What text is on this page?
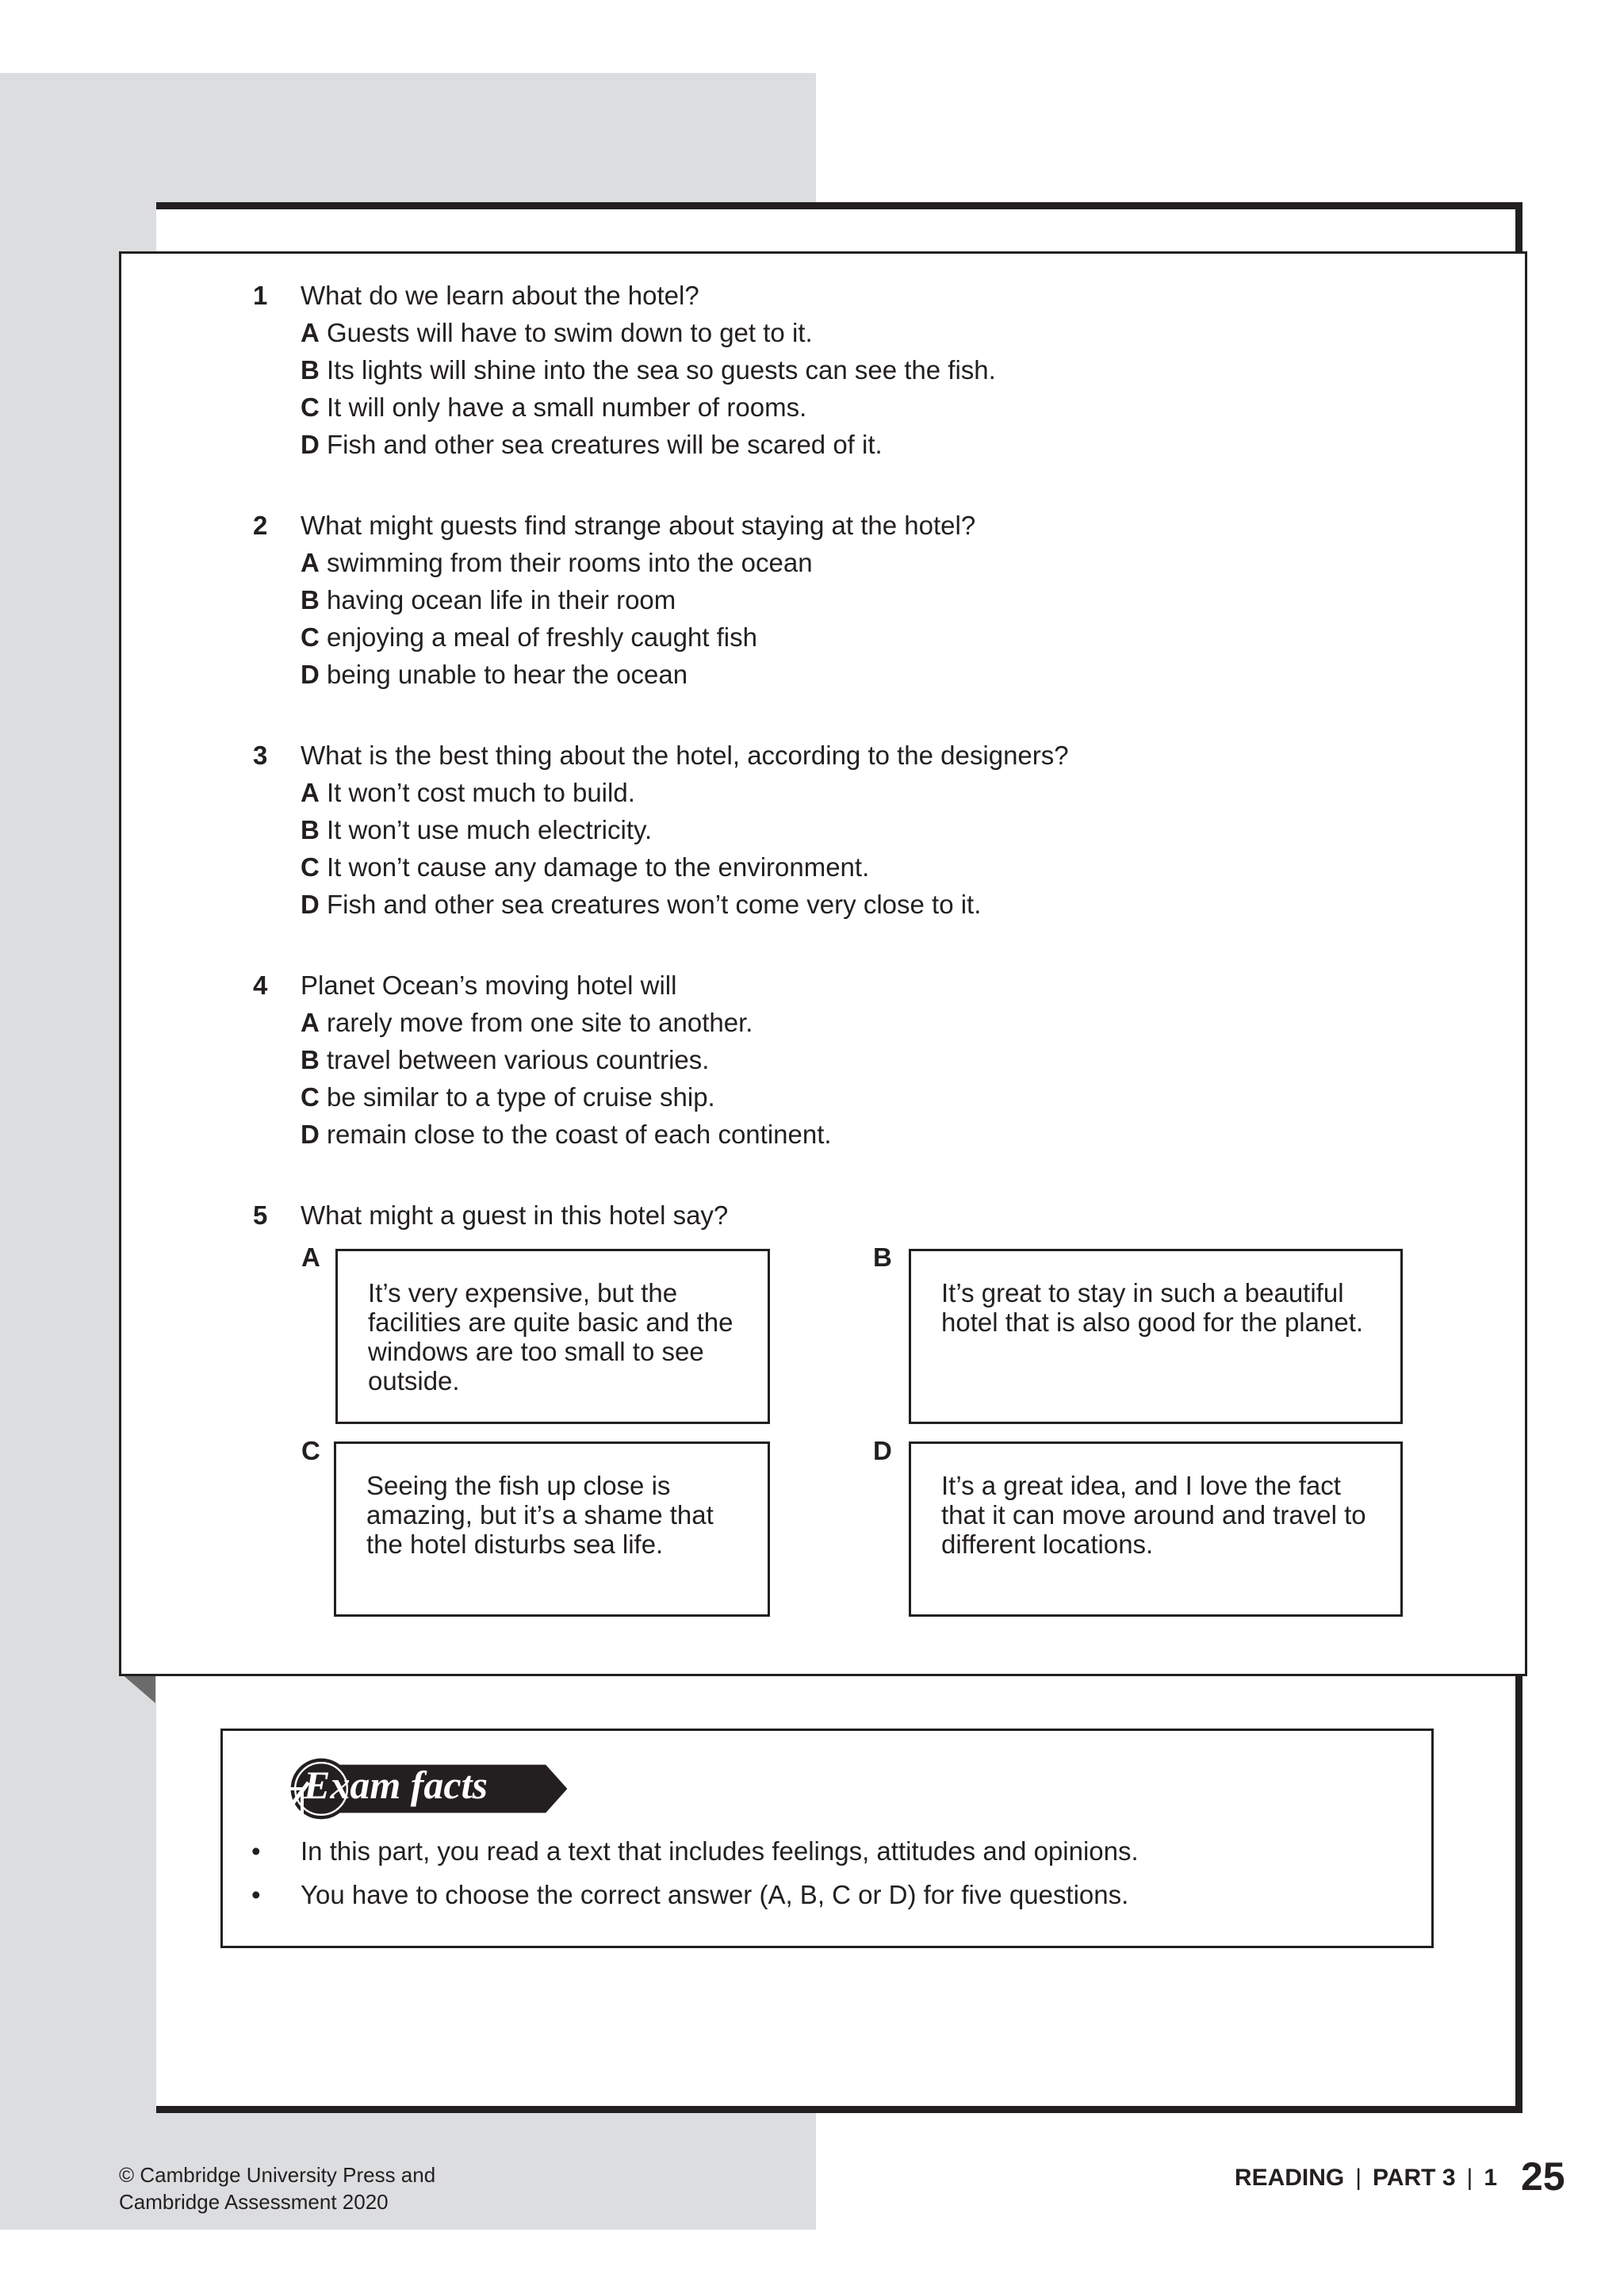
1 What do we learn about the hotel?
A Guests will have to swim down to get to it.
B Its lights will shine into the sea so guests can see the fish.
C It will only have a small number of rooms.
D Fish and other sea creatures will be scared of it.
2 What might guests find strange about staying at the hotel?
A swimming from their rooms into the ocean
B having ocean life in their room
C enjoying a meal of freshly caught fish
D being unable to hear the ocean
3 What is the best thing about the hotel, according to the designers?
A It won’t cost much to build.
B It won’t use much electricity.
C It won’t cause any damage to the environment.
D Fish and other sea creatures won’t come very close to it.
4 Planet Ocean’s moving hotel will
A rarely move from one site to another.
B travel between various countries.
C be similar to a type of cruise ship.
D remain close to the coast of each continent.
5 What might a guest in this hotel say?
A
It’s very expensive, but the facilities are quite basic and the windows are too small to see outside.
B
It’s great to stay in such a beautiful hotel that is also good for the planet.
C
Seeing the fish up close is amazing, but it’s a shame that the hotel disturbs sea life.
D
It’s a great idea, and I love the fact that it can move around and travel to different locations.
Exam facts
• In this part, you read a text that includes feelings, attitudes and opinions.
• You have to choose the correct answer (A, B, C or D) for five questions.
© Cambridge University Press and
Cambridge Assessment 2020
READING | PART 3 | 1 25
